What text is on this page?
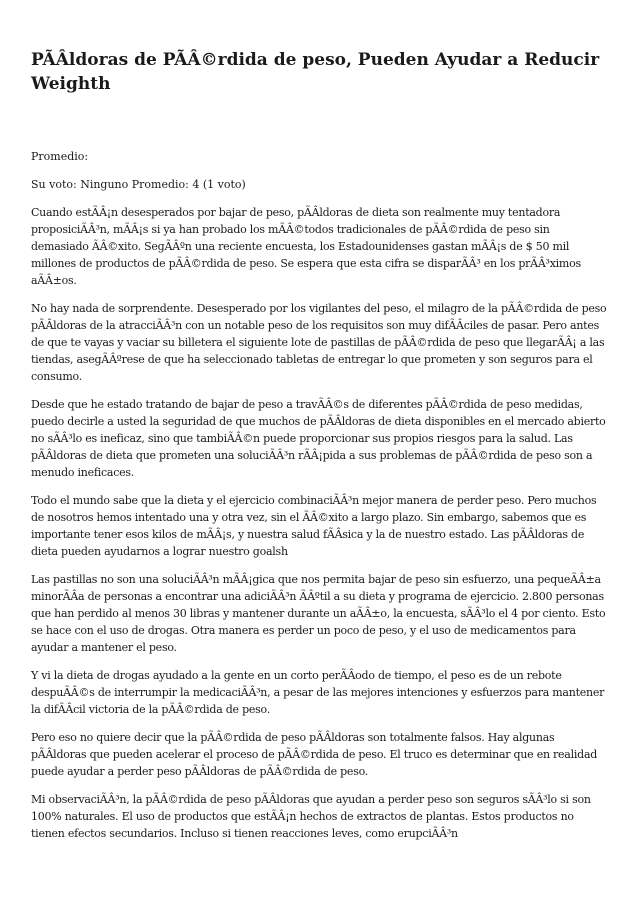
PÃÂldoras de PÃÂ©rdida de peso, Pueden Ayudar a Reducir Weighth

Promedio:

Su voto: Ninguno Promedio: 4 (1 voto)

Cuando estÃÂ¡n desesperados por bajar de peso, pÃÂldoras de dieta son realmente muy tentadora proposiciÃÂ³n, mÃÂ¡s si ya han probado los mÃÂ©todos tradicionales de pÃÂ©rdida de peso sin demasiado ÃÂ©xito. SegÃÂºn una reciente encuesta, los Estadounidenses gastan mÃÂ¡s de $ 50 mil millones de productos de pÃÂ©rdida de peso. Se espera que esta cifra se disparÃÂ³ en los prÃÂ³ximos aÃÂ±os.

No hay nada de sorprendente. Desesperado por los vigilantes del peso, el milagro de la pÃÂ©rdida de peso pÃÂldoras de la atracciÃÂ³n con un notable peso de los requisitos son muy difÃÂciles de pasar. Pero antes de que te vayas y vaciar su billetera el siguiente lote de pastillas de pÃÂ©rdida de peso que llegarÃÂ¡ a las tiendas, asegÃÂºrese de que ha seleccionado tabletas de entregar lo que prometen y son seguros para el consumo.

Desde que he estado tratando de bajar de peso a travÃÂ©s de diferentes pÃÂ©rdida de peso medidas, puedo decirle a usted la seguridad de que muchos de pÃÂldoras de dieta disponibles en el mercado abierto no sÃÂ³lo es ineficaz, sino que tambiÃÂ©n puede proporcionar sus propios riesgos para la salud. Las pÃÂldoras de dieta que prometen una soluciÃÂ³n rÃÂ¡pida a sus problemas de pÃÂ©rdida de peso son a menudo ineficaces.

Todo el mundo sabe que la dieta y el ejercicio combinaciÃÂ³n mejor manera de perder peso. Pero muchos de nosotros hemos intentado una y otra vez, sin el ÃÂ©xito a largo plazo. Sin embargo, sabemos que es importante tener esos kilos de mÃÂ¡s, y nuestra salud fÃÂsica y la de nuestro estado. Las pÃÂldoras de dieta pueden ayudarnos a lograr nuestro goalsh

Las pastillas no son una soluciÃÂ³n mÃÂ¡gica que nos permita bajar de peso sin esfuerzo, una pequeÃÂ±a minorÃÂa de personas a encontrar una adiciÃÂ³n ÃÂºtil a su dieta y programa de ejercicio. 2.800 personas que han perdido al menos 30 libras y mantener durante un aÃÂ±o, la encuesta, sÃÂ³lo el 4 por ciento. Esto se hace con el uso de drogas. Otra manera es perder un poco de peso, y el uso de medicamentos para ayudar a mantener el peso.

Y vi la dieta de drogas ayudado a la gente en un corto perÃÂodo de tiempo, el peso es de un rebote despuÃÂ©s de interrumpir la medicaciÃÂ³n, a pesar de las mejores intenciones y esfuerzos para mantener la difÃÂcil victoria de la pÃÂ©rdida de peso.

Pero eso no quiere decir que la pÃÂ©rdida de peso pÃÂldoras son totalmente falsos. Hay algunas pÃÂldoras que pueden acelerar el proceso de pÃÂ©rdida de peso. El truco es determinar que en realidad puede ayudar a perder peso pÃÂldoras de pÃÂ©rdida de peso.

Mi observaciÃÂ³n, la pÃÂ©rdida de peso pÃÂldoras que ayudan a perder peso son seguros sÃÂ³lo si son 100% naturales. El uso de productos que estÃÂ¡n hechos de extractos de plantas. Estos productos no tienen efectos secundarios. Incluso si tienen reacciones leves, como erupciÃÂ³n
